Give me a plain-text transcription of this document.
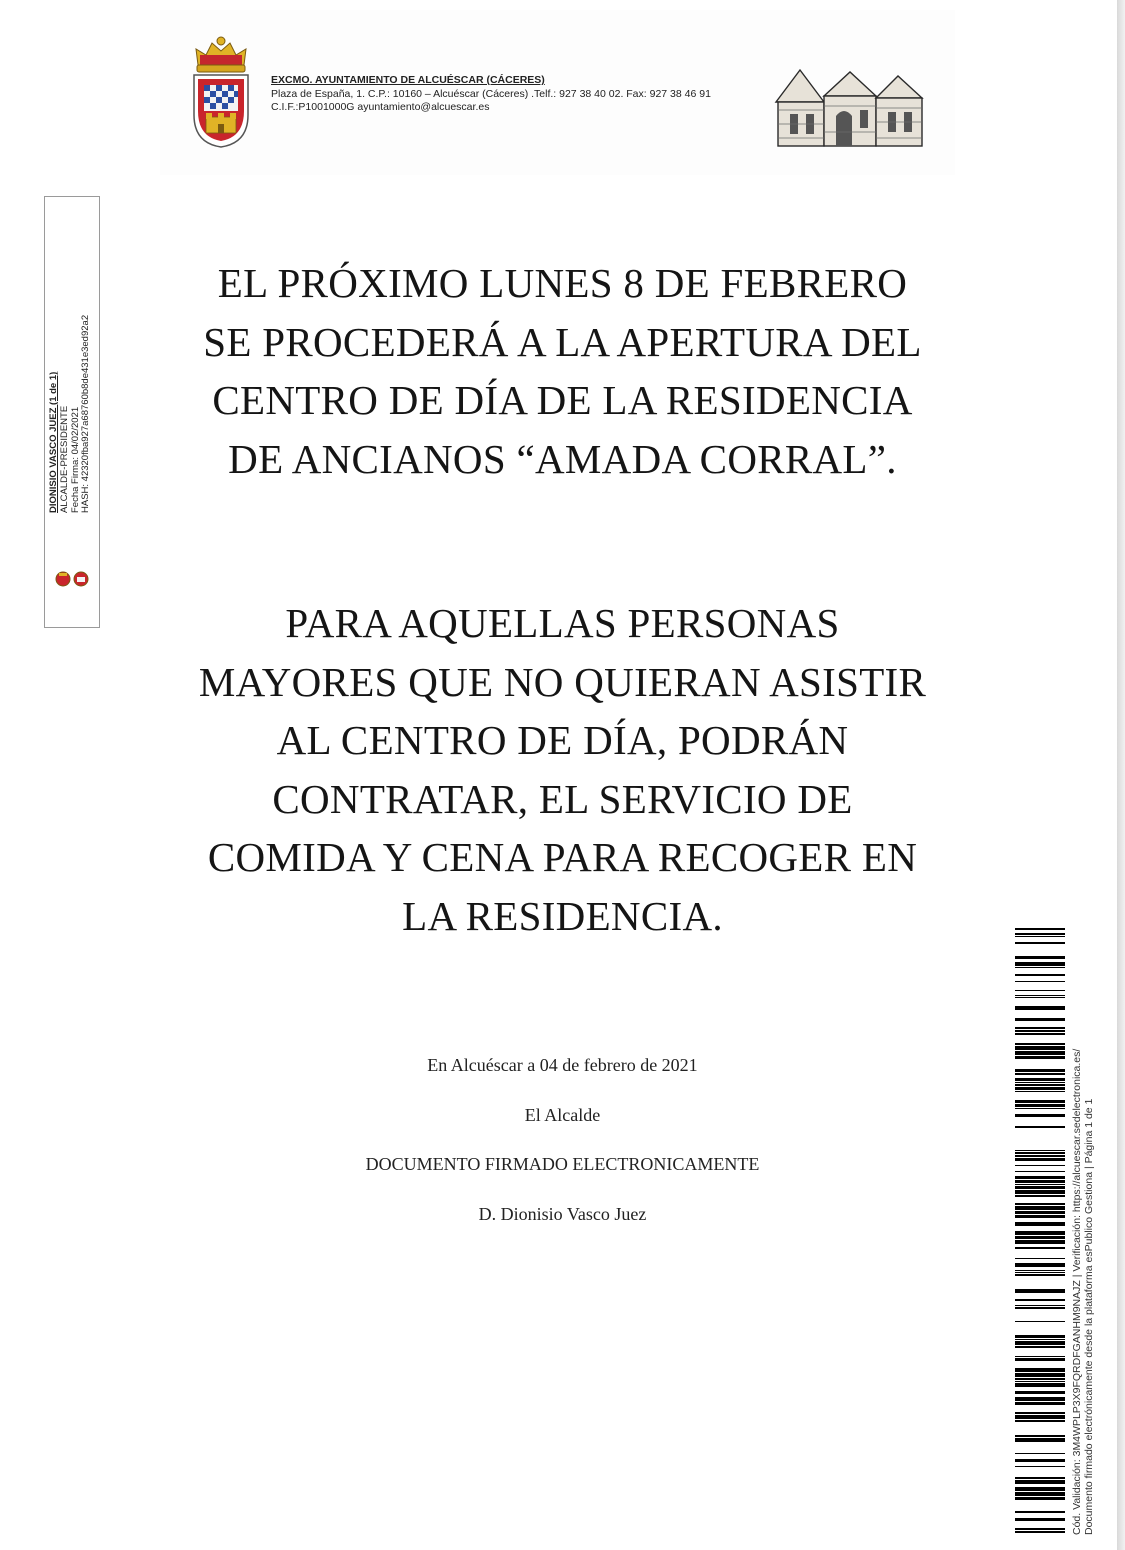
EXCMO. AYUNTAMIENTO DE ALCUÉSCAR (CÁCERES)
Plaza de España, 1. C.P.: 10160 – Alcuéscar (Cáceres) .Telf.: 927 38 40 02. Fax: 927 38 46 91
C.I.F.:P1001000G ayuntamiento@alcuescar.es
DIONISIO VASCO JUEZ (1 de 1) ALCALDE-PRESIDENTE Fecha Firma: 04/02/2021 HASH: 42320fba927a68760b8de431e3ed92a2

EL PRÓXIMO LUNES 8 DE FEBRERO

SE PROCEDERÁ A LA APERTURA DEL

CENTRO DE DÍA DE LA RESIDENCIA

DE ANCIANOS “AMADA CORRAL”.

PARA AQUELLAS PERSONAS

MAYORES QUE NO QUIERAN ASISTIR

AL CENTRO DE DÍA, PODRÁN

CONTRATAR, EL SERVICIO DE

COMIDA Y CENA PARA RECOGER EN

LA RESIDENCIA.

En Alcuéscar a 04 de febrero de 2021
El Alcalde
DOCUMENTO FIRMADO ELECTRONICAMENTE
D. Dionisio Vasco Juez	Cód. Validación: 3M4WPLP3X9FQRDFGANHM9NAJZ | Verificación: https://alcuescar.sedelectronica.es/ Documento firmado electrónicamente desde la plataforma esPublico Gestiona | Página 1 de 1
